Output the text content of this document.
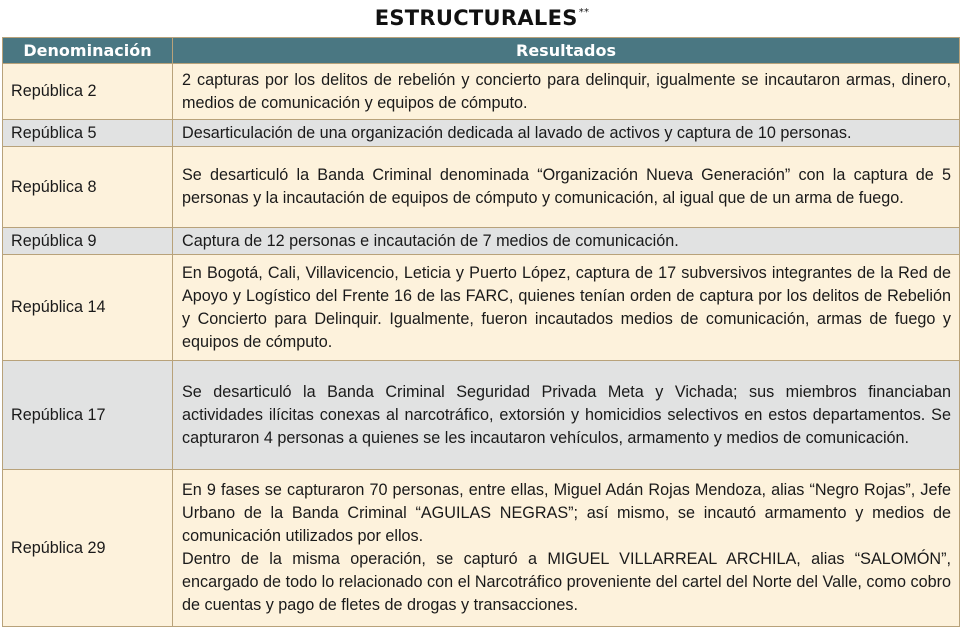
ESTRUCTURALES**
Denominación	Resultados
República 2	2 capturas por los delitos de rebelión y concierto para delinquir, igualmente se incautaron armas, dinero, medios de comunicación y equipos de cómputo.

República 5	Desarticulación de una organización dedicada al lavado de activos y captura de 10 personas.

República 8	Se desarticuló la Banda Criminal denominada “Organización Nueva Generación” con la captura de 5 personas y la incautación de equipos de cómputo y comunicación, al igual que de un arma de fuego.

República 9	Captura de 12 personas e incautación de 7 medios de comunicación.

República 14	En Bogotá, Cali, Villavicencio, Leticia y Puerto López, captura de 17 subversivos integrantes de la Red de Apoyo y Logístico del Frente 16 de las FARC, quienes tenían orden de captura por los delitos de Rebelión y Concierto para Delinquir. Igualmente, fueron incautados medios de comunicación, armas de fuego y equipos de cómputo.

República 17	Se desarticuló la Banda Criminal Seguridad Privada Meta y Vichada; sus miembros financiaban actividades ilícitas conexas al narcotráfico, extorsión y homicidios selectivos en estos departamentos. Se capturaron 4 personas a quienes se les incautaron vehículos, armamento y medios de comunicación.

República 29	En 9 fases se capturaron 70 personas, entre ellas, Miguel Adán Rojas Mendoza, alias “Negro Rojas”, Jefe Urbano de la Banda Criminal “AGUILAS NEGRAS”; así mismo, se incautó armamento y medios de comunicación utilizados por ellos.
Dentro de la misma operación, se capturó a MIGUEL VILLARREAL ARCHILA, alias “SALOMÓN”, encargado de todo lo relacionado con el Narcotráfico proveniente del cartel del Norte del Valle, como cobro de cuentas y pago de fletes de drogas y transacciones.
